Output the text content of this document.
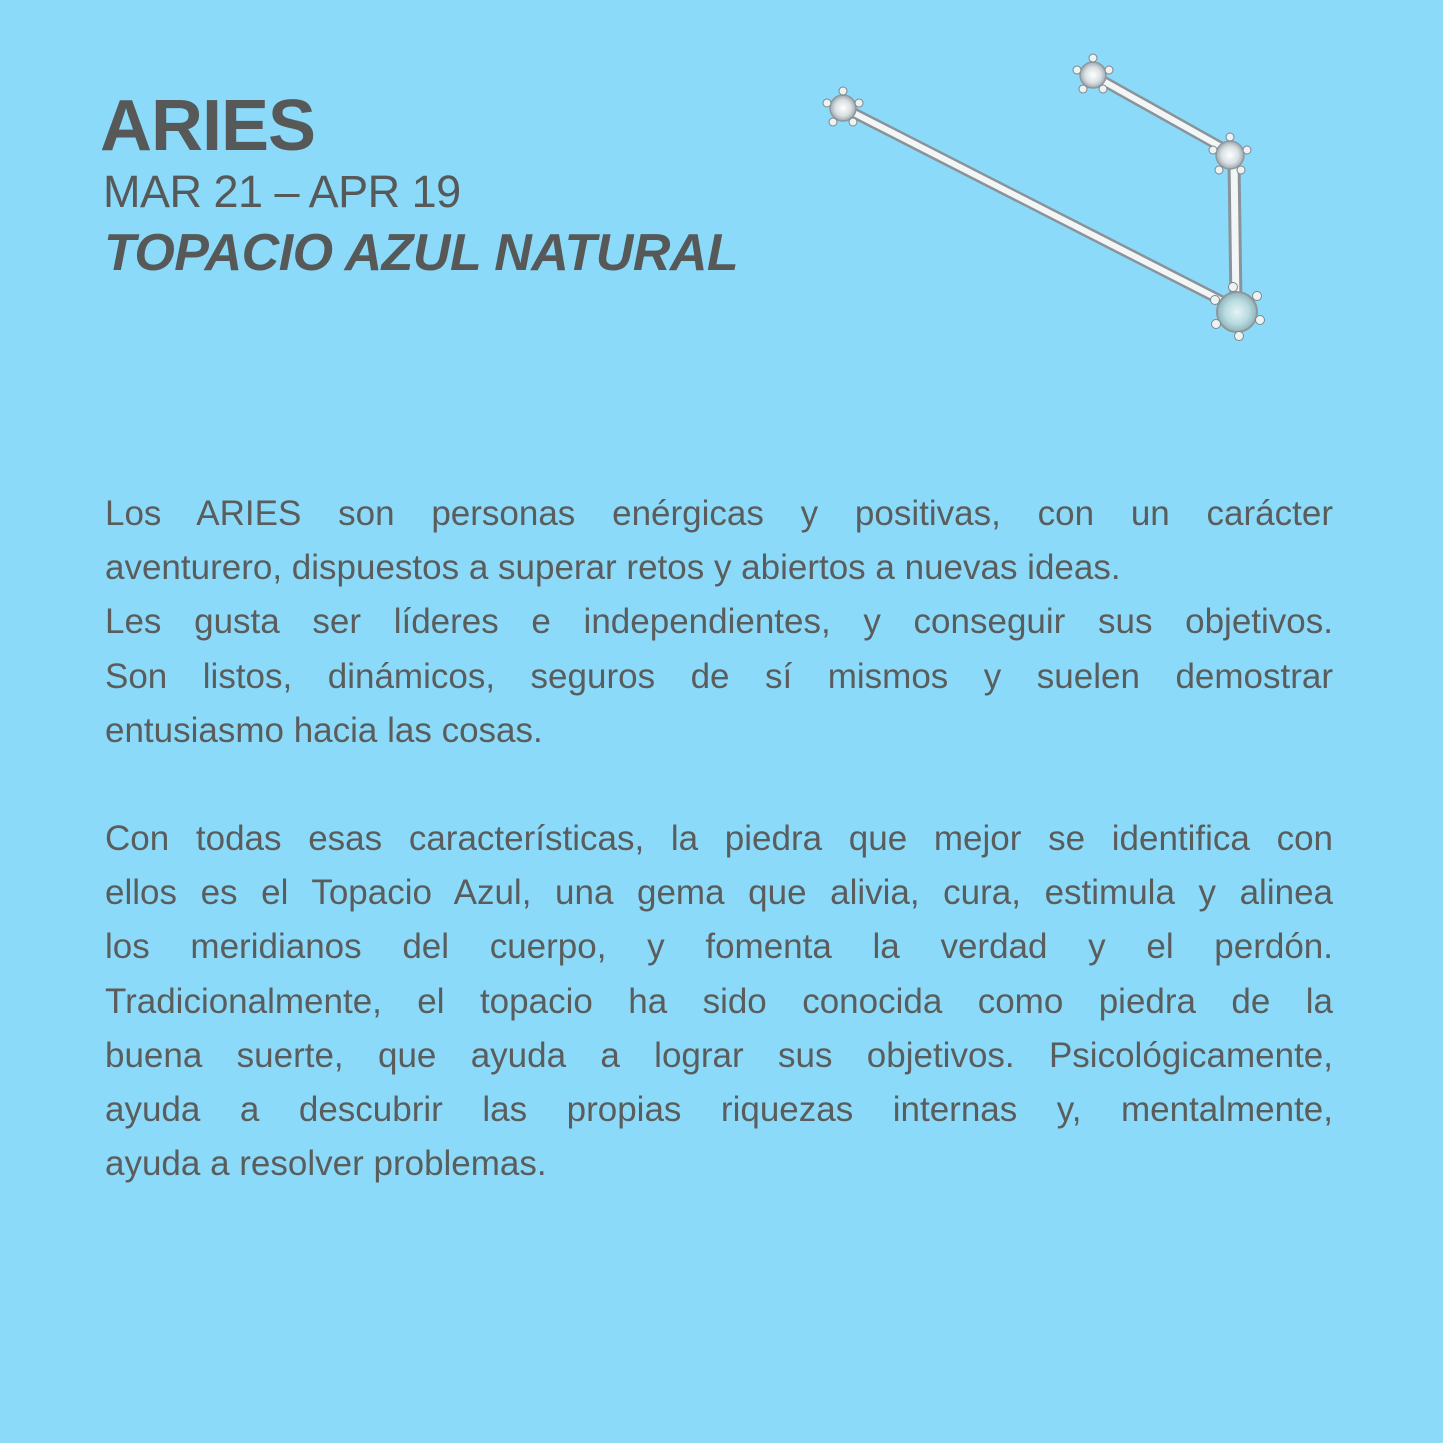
ARIES
MAR 21 – APR 19
TOPACIO AZUL NATURAL

Los ARIES son personas enérgicas y positivas, con un carácter
aventurero, dispuestos a superar retos y abiertos a nuevas ideas.
Les gusta ser líderes e independientes, y conseguir sus objetivos.
Son listos, dinámicos, seguros de sí mismos y suelen demostrar
entusiasmo hacia las cosas.

Con todas esas características, la piedra que mejor se identifica con
ellos es el Topacio Azul, una gema que alivia, cura, estimula y alinea
los meridianos del cuerpo, y fomenta la verdad y el perdón.
Tradicionalmente, el topacio ha sido conocida como piedra de la
buena suerte, que ayuda a lograr sus objetivos. Psicológicamente,
ayuda a descubrir las propias riquezas internas y, mentalmente,
ayuda a resolver problemas.
